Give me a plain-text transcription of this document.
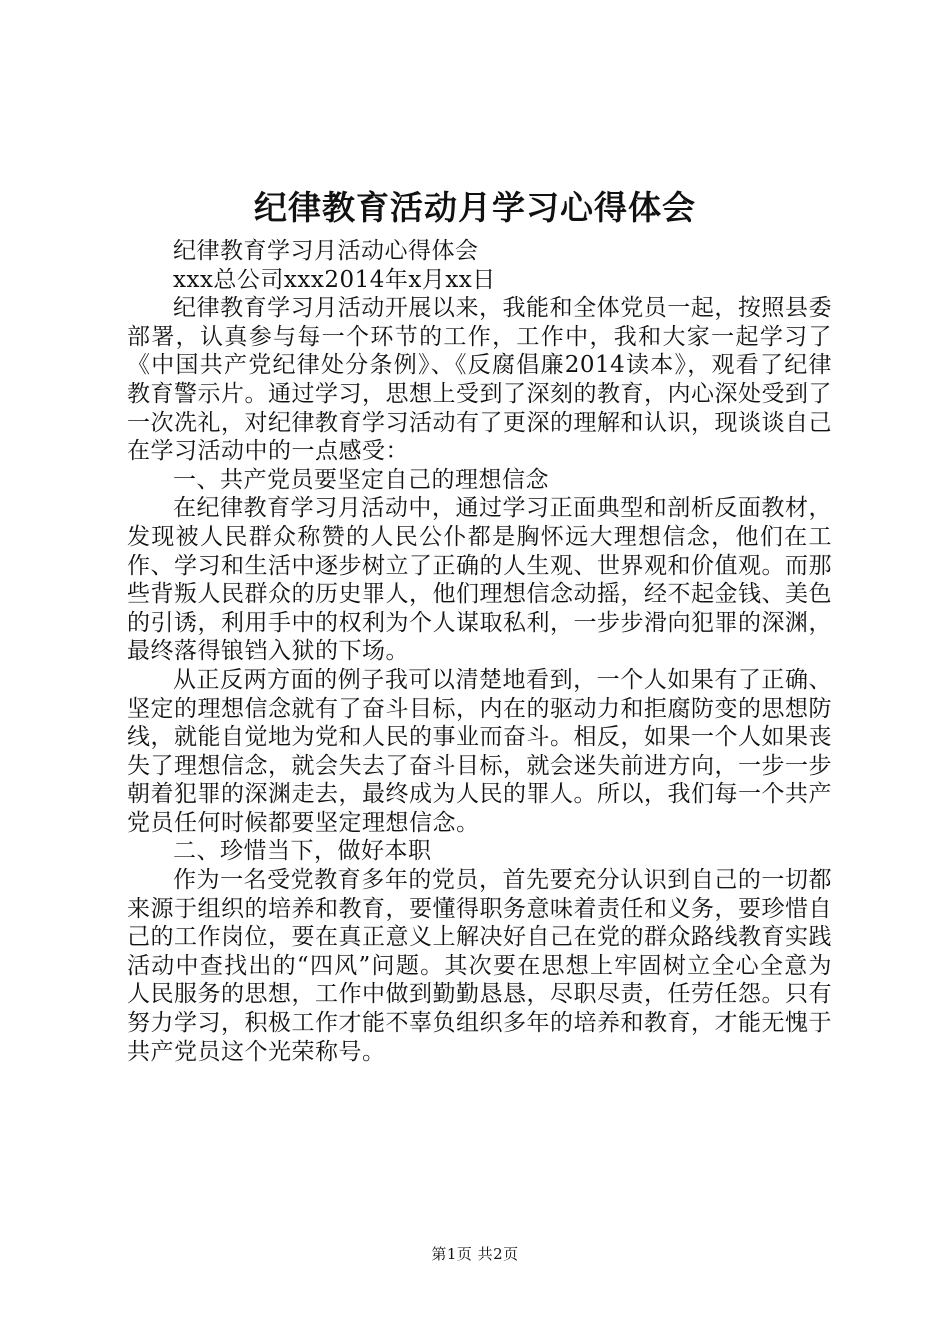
纪律教育活动月学习心得体会

纪律教育学习月活动心得体会

xxx总公司xxx2014年x月xx日

纪律教育学习月活动开展以来，我能和全体党员一起，按照县委部署，认真参与每一个环节的工作，工作中，我和大家一起学习了《中国共产党纪律处分条例》、《反腐倡廉2014读本》，观看了纪律教育警示片。通过学习，思想上受到了深刻的教育，内心深处受到了一次冼礼，对纪律教育学习活动有了更深的理解和认识，现谈谈自己在学习活动中的一点感受：

一、共产党员要坚定自己的理想信念

在纪律教育学习月活动中，通过学习正面典型和剖析反面教材，发现被人民群众称赞的人民公仆都是胸怀远大理想信念，他们在工作、学习和生活中逐步树立了正确的人生观、世界观和价值观。而那些背叛人民群众的历史罪人，他们理想信念动摇，经不起金钱、美色的引诱，利用手中的权利为个人谋取私利，一步步滑向犯罪的深渊，最终落得锒铛入狱的下场。

从正反两方面的例子我可以清楚地看到，一个人如果有了正确、坚定的理想信念就有了奋斗目标，内在的驱动力和拒腐防变的思想防线，就能自觉地为党和人民的事业而奋斗。相反，如果一个人如果丧失了理想信念，就会失去了奋斗目标，就会迷失前进方向，一步一步朝着犯罪的深渊走去，最终成为人民的罪人。所以，我们每一个共产党员任何时候都要坚定理想信念。

二、珍惜当下，做好本职

作为一名受党教育多年的党员，首先要充分认识到自己的一切都来源于组织的培养和教育，要懂得职务意味着责任和义务，要珍惜自己的工作岗位，要在真正意义上解决好自己在党的群众路线教育实践活动中查找出的“四风”问题。其次要在思想上牢固树立全心全意为人民服务的思想，工作中做到勤勤恳恳，尽职尽责，任劳任怨。只有努力学习，积极工作才能不辜负组织多年的培养和教育，才能无愧于共产党员这个光荣称号。

第1页 共2页
